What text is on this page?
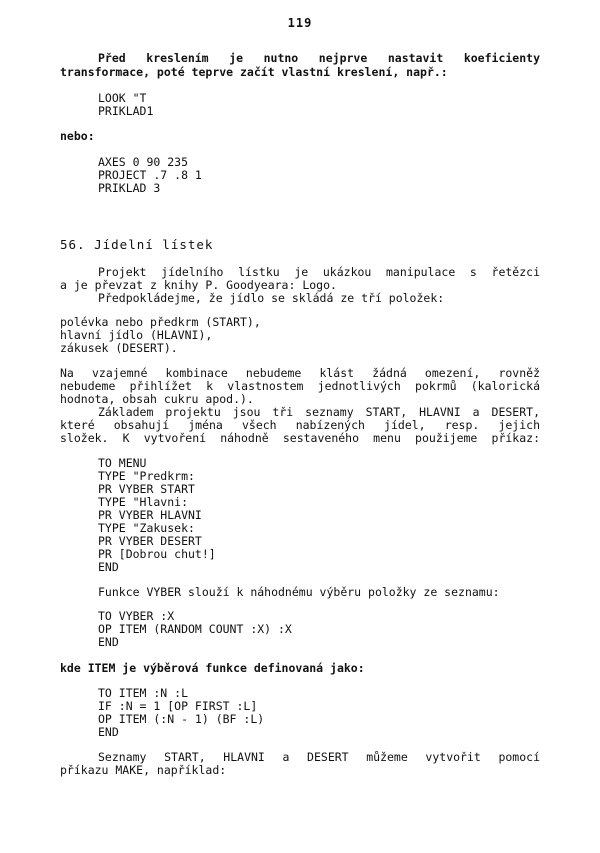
119
Před kreslením je nutno nejprve nastavit koeficienty
transformace, poté teprve začít vlastní kreslení, např.:
LOOK "T
PRIKLAD1
nebo:
AXES 0 90 235
PROJECT .7 .8 1
PRIKLAD 3
56. Jídelní lístek
Projekt jídelního lístku je ukázkou manipulace s řetězci
a je převzat z knihy P. Goodyeara: Logo.
Předpokládejme, že jídlo se skládá ze tří položek:
polévka nebo předkrm (START),
hlavní jídlo (HLAVNI),
zákusek (DESERT).
Na vzajemné kombinace nebudeme klást žádná omezení, rovněž
nebudeme přihlížet k vlastnostem jednotlivých pokrmů (kalorická
hodnota, obsah cukru apod.).
Základem projektu jsou tři seznamy START, HLAVNI a DESERT,
které obsahují jména všech nabízených jídel, resp. jejich
složek. K vytvoření náhodně sestaveného menu použijeme příkaz:
TO MENU
TYPE "Predkrm:
PR VYBER START
TYPE "Hlavni:
PR VYBER HLAVNI
TYPE "Zakusek:
PR VYBER DESERT
PR [Dobrou chut!]
END
Funkce VYBER slouží k náhodnému výběru položky ze seznamu:
TO VYBER :X
OP ITEM (RANDOM COUNT :X) :X
END
kde ITEM je výběrová funkce definovaná jako:
TO ITEM :N :L
IF :N = 1 [OP FIRST :L]
OP ITEM (:N - 1) (BF :L)
END
Seznamy START, HLAVNI a DESERT můžeme vytvořit pomocí
příkazu MAKE, například:
